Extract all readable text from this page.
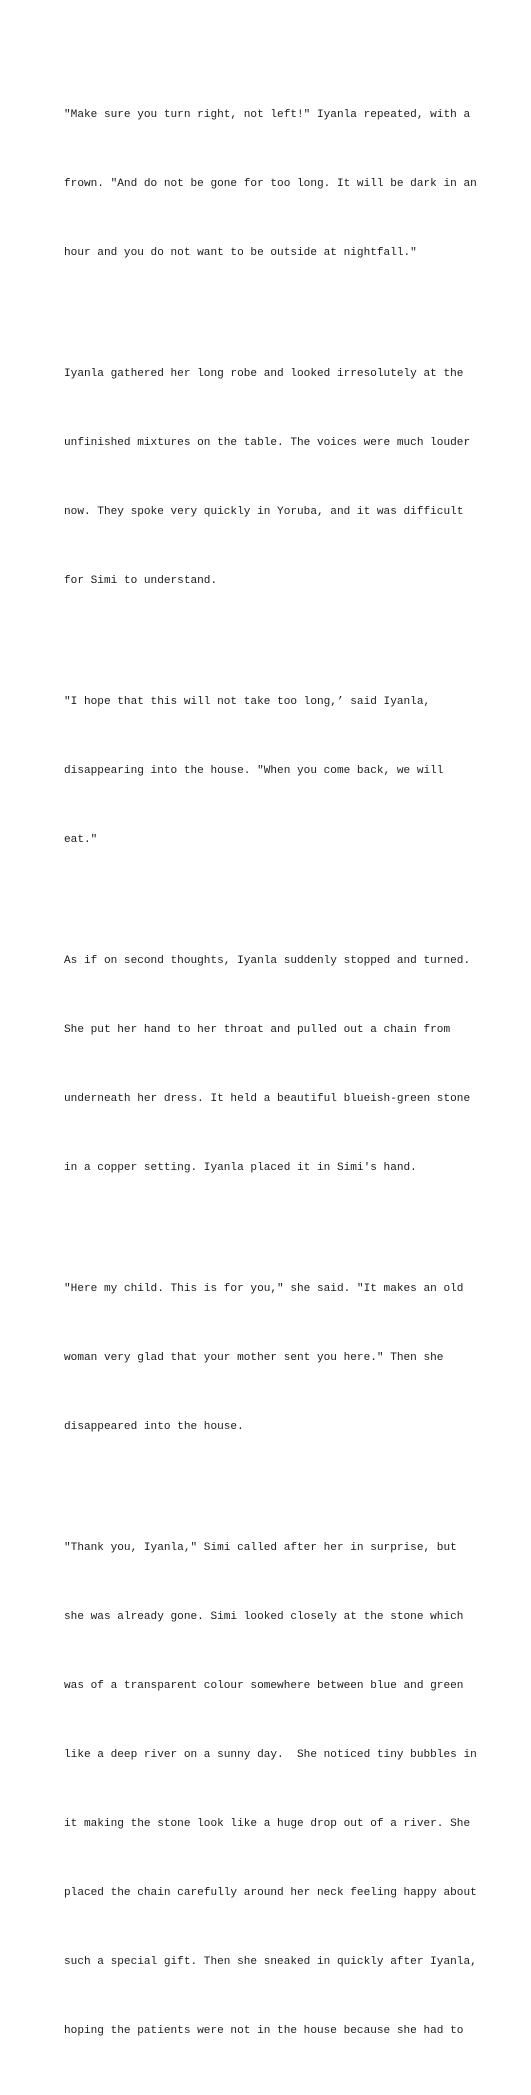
"Make sure you turn right, not left!" Iyanla repeated, with a

frown. "And do not be gone for too long. It will be dark in an

hour and you do not want to be outside at nightfall."

Iyanla gathered her long robe and looked irresolutely at the

unfinished mixtures on the table. The voices were much louder

now. They spoke very quickly in Yoruba, and it was difficult

for Simi to understand.

"I hope that this will not take too long,’ said Iyanla,

disappearing into the house. "When you come back, we will

eat."

As if on second thoughts, Iyanla suddenly stopped and turned.

She put her hand to her throat and pulled out a chain from

underneath her dress. It held a beautiful blueish-green stone

in a copper setting. Iyanla placed it in Simi's hand.

"Here my child. This is for you," she said. "It makes an old

woman very glad that your mother sent you here." Then she

disappeared into the house.

"Thank you, Iyanla," Simi called after her in surprise, but

she was already gone. Simi looked closely at the stone which

was of a transparent colour somewhere between blue and green

like a deep river on a sunny day.  She noticed tiny bubbles in

it making the stone look like a huge drop out of a river. She

placed the chain carefully around her neck feeling happy about

such a special gift. Then she sneaked in quickly after Iyanla,

hoping the patients were not in the house because she had to
